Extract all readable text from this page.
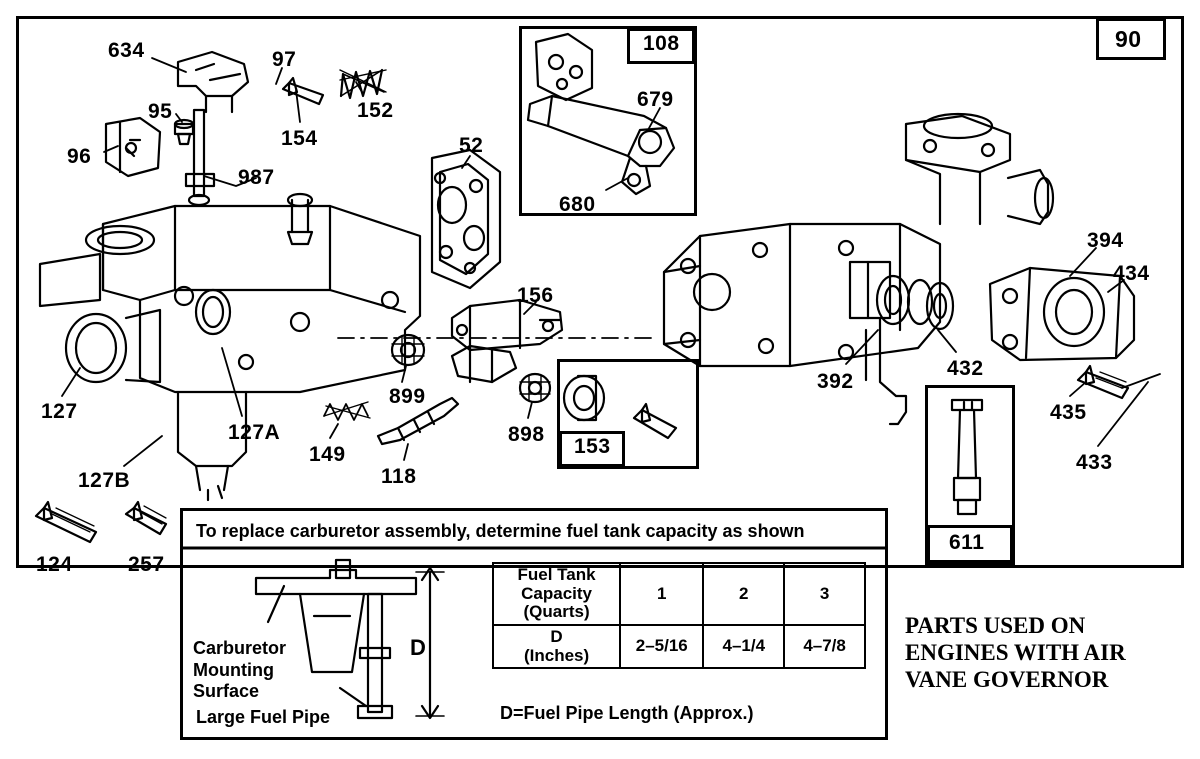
90
108
153
611
To replace carburetor assembly, determine fuel tank capacity as shown
634	97
152
95
154
96
987
52
679
680
156
394
434
899
898
392
432
435
433
127
127A
149
118
127B
124	257
Carburetor
Mounting
Surface
Large Fuel Pipe
D
Fuel Tank
Capacity
(Quarts)	1	2	3

D
(Inches)	2–5/16	4–1/4	4–7/8
D=Fuel Pipe Length (Approx.)
PARTS USED ON
ENGINES WITH AIR
VANE GOVERNOR
